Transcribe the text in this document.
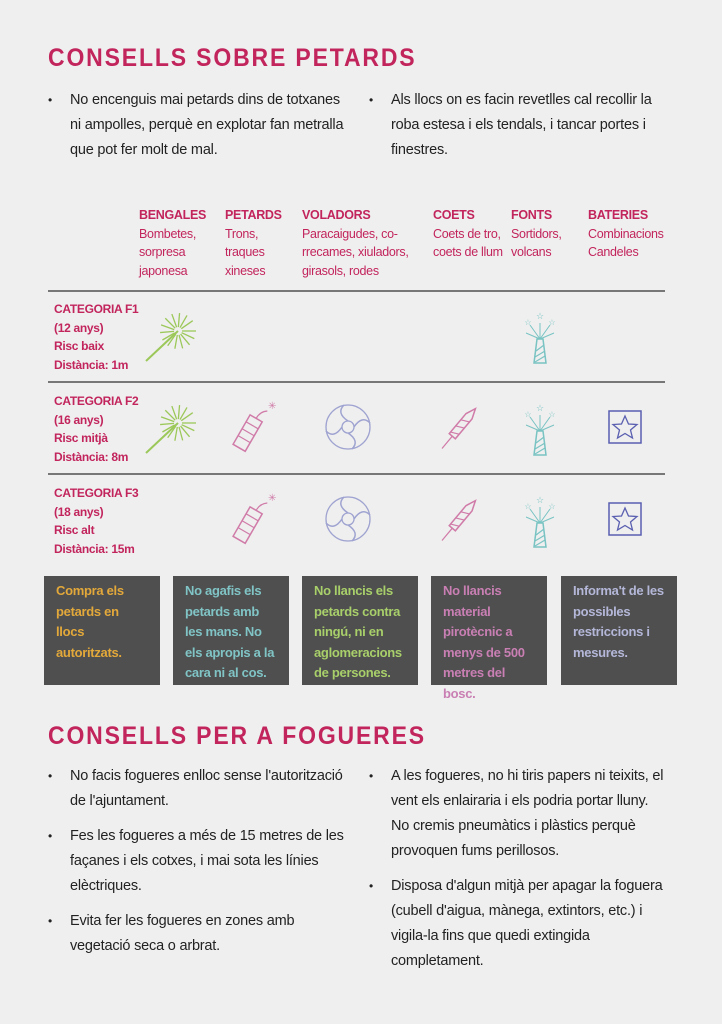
CONSELLS SOBRE PETARDS
• No encenguis mai petards dins de totxanes ni ampolles, perquè en explotar fan metralla que pot fer molt de mal.
• Als llocs on es facin revetlles cal recollir la roba estesa i els tendals, i tancar portes i finestres.
BENGALES
Bombetes, sorpresa japonesa
PETARDS
Trons, traques xineses
VOLADORS
Paracaigudes, co-rrecames, xiuladors, girasols, rodes
COETS
Coets de tro, coets de llum
FONTS
Sortidors, volcans
BATERIES
Combinacions Candeles
CATEGORIA F1
(12 anys)
Risc baix
Distància: 1m
☆
☆ ☆
CATEGORIA F2
(16 anys)
Risc mitjà
Distància: 8m
✳	☆
☆ ☆
CATEGORIA F3
(18 anys)
Risc alt
Distància: 15m
✳	☆
☆ ☆
Compra els petards en llocs autoritzats.
No agafis els petards amb les mans. No els apropis a la cara ni al cos.
No llancis els petards contra ningú, ni en aglomeracions de persones.
No llancis material pirotècnic a menys de 500 metres del bosc.
Informa't de les possibles restriccions i mesures.
CONSELLS PER A FOGUERES
• No facis fogueres enlloc sense l'autorització de l'ajuntament.
• Fes les fogueres a més de 15 metres de les façanes i els cotxes, i mai sota les línies elèctriques.
• Evita fer les fogueres en zones amb vegetació seca o arbrat.
• A les fogueres, no hi tiris papers ni teixits, el vent els enlairaria i els podria portar lluny. No cremis pneumàtics i plàstics perquè provoquen fums perillosos.
• Disposa d'algun mitjà per apagar la foguera (cubell d'aigua, mànega, extintors, etc.) i vigila-la fins que quedi extingida completament.
